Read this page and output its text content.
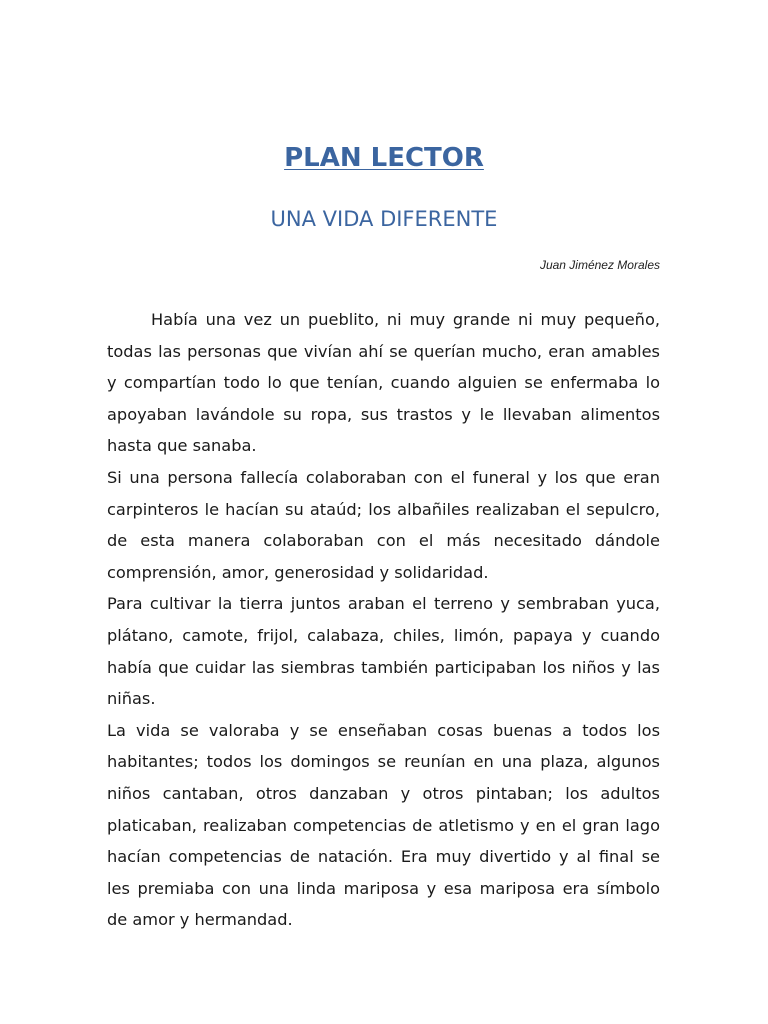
PLAN LECTOR
UNA VIDA DIFERENTE

Juan Jiménez Morales

Había una vez un pueblito, ni muy grande ni muy pequeño, todas las personas que vivían ahí se querían mucho, eran amables y compartían todo lo que tenían, cuando alguien se enfermaba lo apoyaban lavándole su ropa, sus trastos y le llevaban alimentos hasta que sanaba.

Si una persona fallecía colaboraban con el funeral y los que eran carpinteros le hacían su ataúd; los albañiles realizaban el sepulcro, de esta manera colaboraban con el más necesitado dándole comprensión, amor, generosidad y solidaridad.

Para cultivar la tierra juntos araban el terreno y sembraban yuca, plátano, camote, frijol, calabaza, chiles, limón, papaya y cuando había que cuidar las siembras también participaban los niños y las niñas.

La vida se valoraba y se enseñaban cosas buenas a todos los habitantes; todos los domingos se reunían en una plaza, algunos niños cantaban, otros danzaban y otros pintaban; los adultos platicaban, realizaban competencias de atletismo y en el gran lago hacían competencias de natación. Era muy divertido y al final se les premiaba con una linda mariposa y esa mariposa era símbolo de amor y hermandad.
